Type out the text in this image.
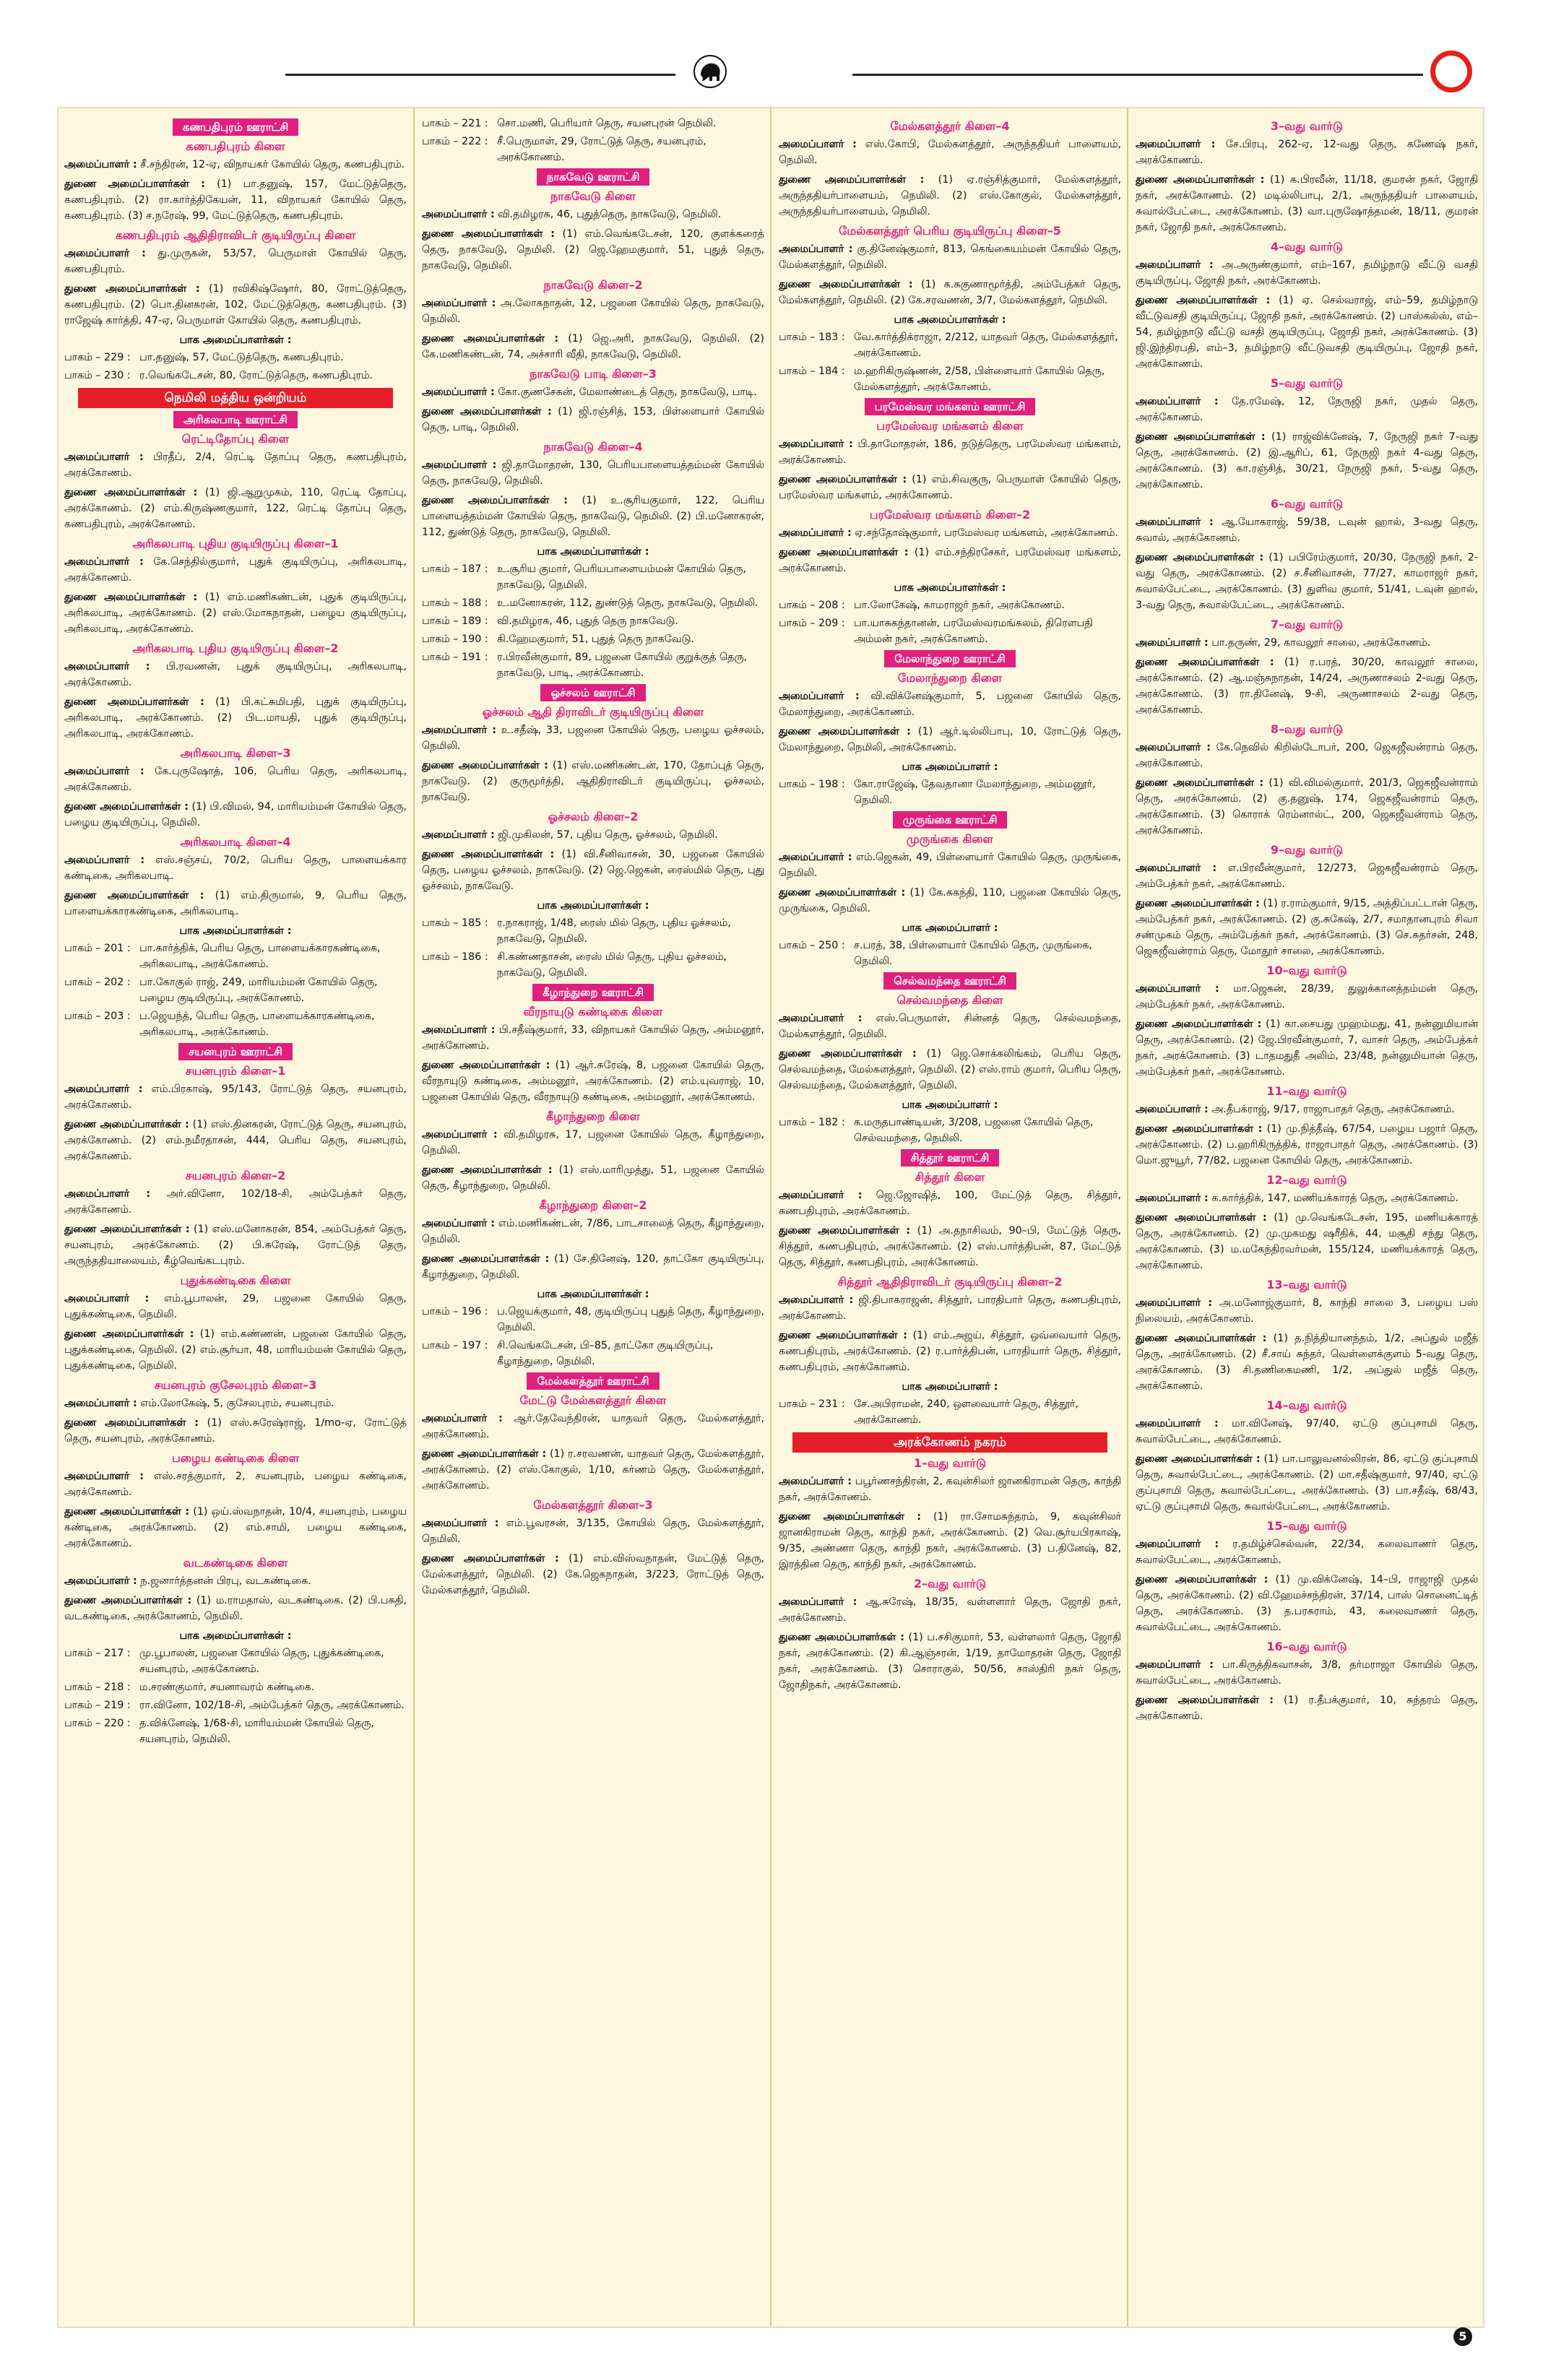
கணபதிபுரம் ஊராட்சி
கணபதிபுரம் கிளை
அமைப்பாளர் : சீ.சந்திரன், 12-ஏ, விநாயகர் கோயில் தெரு, கணபதிபுரம்.
துணை அமைப்பாளர்கள் : (1) பா.தனுஷ், 157, மேட்டுத்தெரு, கணபதிபுரம். (2) ரா.கார்த்திகேயன், 11, விநாயகர் கோயில் தெரு, கணபதிபுரம். (3) ச.நரேஷ், 99, மேட்டுத்தெரு, கணபதிபுரம்.
கணபதிபுரம் ஆதிதிராவிடர் குடியிருப்பு கிளை
அமைப்பாளர் : து.முருகன், 53/57, பெருமாள் கோயில் தெரு, கணபதிபுரம்.
துணை அமைப்பாளர்கள் : (1) ரவிகிஷ்ஷோர், 80, ரோட்டுத்தெரு, கணபதிபுரம். (2) பொ.தினகரன், 102, மேட்டுத்தெரு, கணபதிபுரம். (3) ராஜேஷ் கார்த்தி, 47-ஏ, பெருமாள் கோயில் தெரு, கணபதிபுரம்.
பாக அமைப்பாளர்கள் :
பாகம் – 229 : பா.தனுஷ், 57, மேட்டுத்தெரு, கணபதிபுரம்.
பாகம் – 230 : ர.வெங்கடேசன், 80, ரோட்டுத்தெரு, கணபதிபுரம்.
நெமிலி மத்திய ஒன்றியம்
அரிகலபாடி ஊராட்சி
ரெட்டிதோப்பு கிளை
அமைப்பாளர் : பிரதீப், 2/4, ரெட்டி தோப்பு தெரு, கணபதிபுரம், அரக்கோணம்.
துணை அமைப்பாளர்கள் : (1) ஜி.ஆறுமுகம், 110, ரெட்டி தோப்பு, அரக்கோணம். (2) எம்.கிருஷ்ணகுமார், 122, ரெட்டி தோப்பு தெரு, கணபதிபுரம், அரக்கோணம்.
அரிகலபாடி புதிய குடியிருப்பு கிளை–1
அமைப்பாளர் : கே.செந்தில்குமார், புதுக் குடியிருப்பு, அரிகலபாடி, அரக்கோணம்.
துணை அமைப்பாளர்கள் : (1) எம்.மணிகண்டன், புதுக் குடியிருப்பு, அரிகலபாடி, அரக்கோணம். (2) எஸ்.மோகநாதன், பழைய குடியிருப்பு, அரிகலபாடி, அரக்கோணம்.
அரிகலபாடி புதிய குடியிருப்பு கிளை–2
அமைப்பாளர் : பி.ரவணன், புதுக் குடியிருப்பு, அரிகலபாடி, அரக்கோணம்.
துணை அமைப்பாளர்கள் : (1) பி.கட்சுமிபதி, புதுக் குடியிருப்பு, அரிகலபாடி, அரக்கோணம். (2) பிட.மாயதி, புதுக் குடியிருப்பு, அரிகலபாடி, அரக்கோணம்.
அரிகலபாடி கிளை–3
அமைப்பாளர் : கே.புருஷோத், 106, பெரிய தெரு, அரிகலபாடி, அரக்கோணம்.
துணை அமைப்பாளர்கள் : (1) பி.விமல், 94, மாரியம்மன் கோயில் தெரு, பழைய குடியிருப்பு, நெமிலி.
அரிகலபாடி கிளை–4
அமைப்பாளர் : எஸ்.சஞ்சய், 70/2, பெரிய தெரு, பாளையக்கார கண்டிகை, அரிகலபாடி.
துணை அமைப்பாளர்கள் : (1) எம்.திருமால், 9, பெரிய தெரு, பாளையக்காரகண்டிகை, அரிகலபாடி.
பாக அமைப்பாளர்கள் :
பாகம் – 201 : பா.கார்த்திக், பெரிய தெரு, பாளையக்காரகண்டிகை, அரிகலபாடி, அரக்கோணம்.
பாகம் – 202 : பா.கோகுல் ராஜ், 249, மாரியம்மன் கோயில் தெரு, பழைய குடியிருப்பு, அரக்கோணம்.
பாகம் – 203 : ப.ஜெயந்த், பெரிய தெரு, பாளையக்காரகண்டிகை, அரிகலபாடி, அரக்கோணம்.
சயனபுரம் ஊராட்சி
சயனபுரம் கிளை–1
அமைப்பாளர் : எம்.பிரகாஷ், 95/143, ரோட்டுத் தெரு, சயனபுரம், அரக்கோணம்.
துணை அமைப்பாளர்கள் : (1) எஸ்.தினகரன், ரோட்டுத் தெரு, சயனபுரம், அரக்கோணம். (2) எம்.நமீரதாசன், 444, பெரிய தெரு, சயனபுரம், அரக்கோணம்.
சயனபுரம் கிளை–2
அமைப்பாளர் : அர்.வினோ, 102/18-சி, அம்பேத்கர் தெரு, அரக்கோணம்.
துணை அமைப்பாளர்கள் : (1) எஸ்.மனோகரன், 854, அம்பேத்கர் தெரு, சயனபுரம், அரக்கோணம். (2) பி.சுரேஷ், ரோட்டுத் தெரு, அருந்ததியாலையம், கீழ்வெங்கடபுரம்.
புதுக்கண்டிகை கிளை
அமைப்பாளர் : எம்.பூபாலன், 29, பஜனை கோயில் தெரு, புதுக்கண்டிகை, நெமிலி.
துணை அமைப்பாளர்கள் : (1) எம்.கண்ணன், பஜனை கோயில் தெரு, புதுக்கண்டிகை, நெமிலி. (2) எம்.சூர்யா, 48, மாரியம்மன் கோயில் தெரு, புதுக்கண்டிகை, நெமிலி.
சயனபுரம் குசேலபுரம் கிளை–3
அமைப்பாளர் : எம்.லோகேஷ், 5, குசேலபுரம், சயனபுரம்.
துணை அமைப்பாளர்கள் : (1) எஸ்.சுரேஷ்ராஜ், 1/mo-ஏ, ரோட்டுத் தெரு, சயனபுரம், அரக்கோணம்.
பழைய கண்டிகை கிளை
அமைப்பாளர் : எஸ்.சரத்குமார், 2, சயனபுரம், பழைய கண்டிகை, அரக்கோணம்.
துணை அமைப்பாளர்கள் : (1) ஒய்.ஸ்வநாதன், 10/4, சயனபுரம், பழைய கண்டிகை, அரக்கோணம். (2) எம்.சாமி, பழைய கண்டிகை, அரக்கோணம்.
வடகண்டிகை கிளை
அமைப்பாளர் : ந.ஜனார்த்தனன் பிரபு, வடகண்டிகை.
துணை அமைப்பாளர்கள் : (1) ம.ராமதாஸ், வடகண்டிகை. (2) பி.பசுதி, வடகண்டிகை, அரக்கோணம், நெமிலி.
பாக அமைப்பாளர்கள் :
பாகம் – 217 : மு.பூபாலன், பஜனை கோயில் தெரு, புதுக்கண்டிகை, சயனபுரம், அரக்கோணம்.
பாகம் – 218 : ம.சரண்குமார், சயனாவரம் கண்டிகை.
பாகம் – 219 : ரா.வினோ, 102/18-சி, அம்பேத்கர் தெரு, அரக்கோணம்.
பாகம் – 220 : த.விக்னேஷ், 1/68-சி, மாரியம்மன் கோயில் தெரு, சயனபுரம், நெமிலி.
பாகம் – 221 : சொ.மணி, பெரியார் தெரு, சயனபுரன் நெமிலி.
பாகம் – 222 : சீ.பெருமாள், 29, ரோட்டுத் தெரு, சயனபுரம், அரக்கோணம்.
நாகவேடு ஊராட்சி
நாகவேடு கிளை
அமைப்பாளர் : வி.தமிழரசு, 46, புதுத்தெரு, நாகவேடு, நெமிலி.
துணை அமைப்பாளர்கள் : (1) எம்.வெங்கடேசன், 120, குளக்கரைத் தெரு, நாகவேடு, நெமிலி. (2) ஜெ.ஹேமகுமார், 51, புதுத் தெரு, நாகவேடு, நெமிலி.
நாகவேடு கிளை–2
அமைப்பாளர் : அ.லோகநாதன், 12, பஜனை கோயில் தெரு, நாகவேடு, நெமிலி.
துணை அமைப்பாளர்கள் : (1) ஜெ.அரி, நாகவேடு, நெமிலி. (2) கே.மணிகண்டன், 74, அச்சாரி வீதி, நாகவேடு, நெமிலி.
நாகவேடு பாடி கிளை–3
அமைப்பாளர் : கோ.குணசேகன், மேலாண்டைத் தெரு, நாகவேடு, பாடி.
துணை அமைப்பாளர்கள் : (1) ஜி.ரஞ்சித், 153, பிள்ளையார் கோயில் தெரு, பாடி, நெமிலி.
நாகவேடு கிளை–4
அமைப்பாளர் : ஜி.தாமோதரன், 130, பெரியபாளையத்தம்மன் கோயில் தெரு, நாகவேடு, நெமிலி.
துணை அமைப்பாளர்கள் : (1) உ.சூரியகுமார், 122, பெரிய பாளையத்தம்மன் கோயில் தெரு, நாகவேடு, நெமிலி. (2) பி.மனோகரன், 112, துண்டுத் தெரு, நாகவேடு, நெமிலி.
பாக அமைப்பாளர்கள் :
பாகம் – 187 : உ.சூரிய குமார், பெரியபாளையம்மன் கோயில் தெரு, நாகவேடு, நெமிலி.
பாகம் – 188 : உ.மனோகரன், 112, துண்டுத் தெரு, நாகவேடு, நெமிலி.
பாகம் – 189 : வி.தமிழரசு, 46, புதுத் தெரு நாகவேடு.
பாகம் – 190 : கி.ஹேமகுமார், 51, புதுத் தெரு நாகவேடு.
பாகம் – 191 : ர.பிரவீன்குமார், 89, பஜனை கோயில் குறுக்குத் தெரு, நாகவேடு, பாடி, அரக்கோணம்.
ஓச்சலம் ஊராட்சி
ஓச்சலம் ஆதி திராவிடர் குடியிருப்பு கிளை
அமைப்பாளர் : உ.சதீஷ், 33, பஜனை கோயில் தெரு, பழைய ஓச்சலம், நெமிலி.
துணை அமைப்பாளர்கள் : (1) எஸ்.மணிகண்டன், 170, தோப்புத் தெரு, நாகவேடு. (2) குருமூர்த்தி, ஆதிதிராவிடர் குடியிருப்பு, ஓச்சலம், நாகவேடு.
ஓச்சலம் கிளை–2
அமைப்பாளர் : ஜி.முகிலன், 57, புதிய தெரு, ஓச்சலம், நெமிலி.
துணை அமைப்பாளர்கள் : (1) வி.சீனிவாசன், 30, பஜனை கோயில் தெரு, பழைய ஓச்சலம், நாகவேடு. (2) ஜெ.ஜெகன், ரைஸ்மில் தெரு, புது ஓச்சலம், நாகவேடு.
பாக அமைப்பாளர்கள் :
பாகம் – 185 : ர.நாகராஜ், 1/48, ரைஸ் மில் தெரு, புதிய ஓச்சலம், நாகவேடு, நெமிலி.
பாகம் – 186 : சி.கண்ணதாசன், ரைஸ் மில் தெரு, புதிய ஓச்சலம், நாகவேடு, நெமிலி.
கீழாந்துறை ஊராட்சி
வீரநாயுடு கண்டிகை கிளை
அமைப்பாளர் : பி.சதீஷ்குமார், 33, விநாயகர் கோயில் தெரு, அம்மனூர், அரக்கோணம்.
துணை அமைப்பாளர்கள் : (1) ஆர்.சுரேஷ், 8, பஜனை கோயில் தெரு, வீரநாயுடு கண்டிகை, அம்மனூர், அரக்கோணம். (2) எம்.யுவராஜ், 10, பஜனை கோயில் தெரு, வீரநாயுடு கண்டிகை, அம்மனூர், அரக்கோணம்.
கீழாந்துறை கிளை
அமைப்பாளர் : வி.தமிழரசு, 17, பஜனை கோயில் தெரு, கீழாந்துறை, நெமிலி.
துணை அமைப்பாளர்கள் : (1) எஸ்.மாரிமுத்து, 51, பஜனை கோயில் தெரு, கீழாந்துறை, நெமிலி.
கீழாந்துறை கிளை–2
அமைப்பாளர் : எம்.மணிகண்டன், 7/86, பாடசாலைத் தெரு, கீழாந்துறை, நெமிலி.
துணை அமைப்பாளர்கள் : (1) சே.தினேஷ், 120, தாட்கோ குடியிருப்பு, கீழாந்துறை, நெமிலி.
பாக அமைப்பாளர்கள் :
பாகம் – 196 : ப.ஜெயக்குமார், 48, குடியிருப்பு புதுத் தெரு, கீழாந்துறை, நெமிலி.
பாகம் – 197 : சி.வெங்கடேசன், பி–85, தாட்கோ குடியிருப்பு, கீழாந்துறை, நெமிலி.
மேல்களத்தூர் ஊராட்சி
மேட்டு மேல்களத்தூர் கிளை
அமைப்பாளர் : ஆர்.தேவேந்திரன், யாதவர் தெரு, மேல்களத்தூர், அரக்கோணம்.
துணை அமைப்பாளர்கள் : (1) ர.சரவணன், யாதவர் தெரு, மேல்களத்தூர், அரக்கோணம். (2) எஸ்.கோகுல், 1/10, கர்ணம் தெரு, மேல்களத்தூர், அரக்கோணம்.
மேல்களத்தூர் கிளை–3
அமைப்பாளர் : எம்.பூவரசன், 3/135, கோயில் தெரு, மேல்களத்தூர், நெமிலி.
துணை அமைப்பாளர்கள் : (1) எம்.விஸ்வநாதன், மேட்டுத் தெரு, மேல்களத்தூர், நெமிலி. (2) கே.ஜெகநாதன், 3/223, ரோட்டுத் தெரு, மேல்களத்தூர், நெமிலி.
மேல்களத்தூர் கிளை–4
அமைப்பாளர் : எஸ்.கோபி, மேல்களத்தூர், அருந்ததியர் பாளையம், நெமிலி.
துணை அமைப்பாளர்கள் : (1) ஏ.ரஞ்சித்குமார், மேல்களத்தூர், அருந்ததியர்பாளையம், நெமிலி. (2) எஸ்.கோகுல், மேல்களத்தூர், அருந்ததியர்பாளையம், நெமிலி.
மேல்களத்தூர் பெரிய குடியிருப்பு கிளை–5
அமைப்பாளர் : கு.தினேஷ்குமார், 813, கெங்கையம்மன் கோயில் தெரு, மேல்களத்தூர், நெமிலி.
துணை அமைப்பாளர்கள் : (1) க.சுகுணாமூர்த்தி, அம்பேத்கர் தெரு, மேல்களத்தூர், நெமிலி. (2) கே.சரவணன், 3/7, மேல்களத்தூர், நெமிலி.
பாக அமைப்பாளர்கள் :
பாகம் – 183 : வே.கார்த்திக்ராஜா, 2/212, யாதவர் தெரு, மேல்களத்தூர், அரக்கோணம்.
பாகம் – 184 : ம.ஹரிகிருஷ்ணன், 2/58, பிள்ளையார் கோயில் தெரு, மேல்களத்தூர், அரக்கோணம்.
பரமேஸ்வர மங்களம் ஊராட்சி
பரமேஸ்வர மங்களம் கிளை
அமைப்பாளர் : பி.தாமோதரன், 186, நடுத்தெரு, பரமேஸ்வர மங்களம், அரக்கோணம்.
துணை அமைப்பாளர்கள் : (1) எம்.சிவகுரு, பெருமாள் கோயில் தெரு, பரமேஸ்வர மங்களம், அரக்கோணம்.
பரமேஸ்வர மங்களம் கிளை–2
அமைப்பாளர் : ஏ.சந்தோஷ்குமார், பரமேஸ்வர மங்களம், அரக்கோணம்.
துணை அமைப்பாளர்கள் : (1) எம்.சந்திரசேகர், பரமேஸ்வர மங்களம், அரக்கோணம்.
பாக அமைப்பாளர்கள் :
பாகம் – 208 : பா.லோகேஷ், காமராஜர் நகர், அரக்கோணம்.
பாகம் – 209 : பா.யாசுகந்தானன், பரமேஸ்வரமங்கலம், திரௌபதி அம்மன் நகர், அரக்கோணம்.
மேலாந்துறை ஊராட்சி
மேலாந்துறை கிளை
அமைப்பாளர் : வி.விக்னேஷ்குமார், 5, பஜனை கோயில் தெரு, மேலாந்துறை, அரக்கோணம்.
துணை அமைப்பாளர்கள் : (1) ஆர்.டில்லிபாபு, 10, ரோட்டுத் தெரு, மேலாந்துறை, நெமிலி, அரக்கோணம்.
பாக அமைப்பாளர் :
பாகம் – 198 : கோ.ராஜேஷ், தேவதானா மேலாந்துறை, அம்மனூர், நெமிலி.
முருங்கை ஊராட்சி
முருங்கை கிளை
அமைப்பாளர் : எம்.ஜெகன், 49, பிள்ளையார் கோயில் தெரு, முருங்கை, நெமிலி.
துணை அமைப்பாளர்கள் : (1) கே.சுகந்தி, 110, பஜனை கோயில் தெரு, முருங்கை, நெமிலி.
பாக அமைப்பாளர் :
பாகம் – 250 : ச.பரத், 38, பிள்ளையார் கோயில் தெரு, முருங்கை, நெமிலி.
செல்வமந்தை ஊராட்சி
செல்வமந்தை கிளை
அமைப்பாளர் : எஸ்.பெருமாள், சின்னத் தெரு, செல்வமந்தை, மேல்களத்தூர், நெமிலி.
துணை அமைப்பாளர்கள் : (1) ஜெ.சொக்கலிங்கம், பெரிய தெரு, செல்வமந்தை, மேல்களத்தூர், நெமிலி. (2) எஸ்.ராம் குமார், பெரிய தெரு, செல்வமந்தை, மேல்களத்தூர், நெமிலி.
பாக அமைப்பாளர் :
பாகம் – 182 : க.மருதபாண்டியன், 3/208, பஜனை கோயில் தெரு, செல்வமந்தை, நெமிலி.
சித்தூர் ஊராட்சி
சித்தூர் கிளை
அமைப்பாளர் : ஜெ.ஜோஷித், 100, மேட்டுத் தெரு, சித்தூர், கணபதிபுரம், அரக்கோணம்.
துணை அமைப்பாளர்கள் : (1) அ.தநாசிவம், 90–பி, மேட்டுத் தெரு, சித்தூர், கணபதிபுரம், அரக்கோணம். (2) எஸ்.பார்த்திபன், 87, மேட்டுத் தெரு, சித்தூர், கணபதிபுரம், அரக்கோணம்.
சித்தூர் ஆதிதிராவிடர் குடியிருப்பு கிளை–2
அமைப்பாளர் : ஜி.திபாகராஜன், சித்தூர், பாரதிபார் தெரு, கணபதிபுரம், அரக்கோணம்.
துணை அமைப்பாளர்கள் : (1) எம்.அஜய், சித்தூர், ஒவ்வையார் தெரு, கணபதிபுரம், அரக்கோணம். (2) ர.பார்த்திபன், பாரதியார் தெரு, சித்தூர், கணபதிபுரம், அரக்கோணம்.
பாக அமைப்பாளர் :
பாகம் – 231 : சே.அபிராமன், 240, ஔவையார் தெரு, சித்தூர், அரக்கோணம்.
அரக்கோணம் நகரம்
1–வது வார்டு
அமைப்பாளர் : பபூர்ணசந்திரன், 2, கவுன்சிலர் ஜானகிராமன் தெரு, காந்தி நகர், அரக்கோணம்.
துணை அமைப்பாளர்கள் : (1) ரா.சோமசுந்தரம், 9, கவுன்சிலர் ஜானகிராமன் தெரு, காந்தி நகர், அரக்கோணம். (2) வெ.சூர்யபிரகாஷ், 9/35, அண்ணா தெரு, காந்தி நகர், அரக்கோணம். (3) ப.தினேஷ், 82, இரத்தின தெரு, காந்தி நகர், அரக்கோணம்.
2–வது வார்டு
அமைப்பாளர் : ஆ.சுரேஷ், 18/35, வள்ளளார் தெரு, ஜோதி நகர், அரக்கோணம்.
துணை அமைப்பாளர்கள் : (1) ப.சசிகுமார், 53, வள்ளலார் தெரு, ஜோதி நகர், அரக்கோணம். (2) கி.ஆஞ்சரன், 1/19, தாமோதரன் தெரு, ஜோதி நகர், அரக்கோணம். (3) சொராகுல், 50/56, சாஸ்திரி நகர் தெரு, ஜோதிநகர், அரக்கோணம்.
3–வது வார்டு
அமைப்பாளர் : சே.பிரபு, 262-ஏ, 12-வது தெரு, கணேஷ் நகர், அரக்கோணம்.
துணை அமைப்பாளர்கள் : (1) க.பிரவீன், 11/18, குமரன் நகர், ஜோதி நகர், அரக்கோணம். (2) மடில்லிபாபு, 2/1, அருந்ததியர் பாளையம், சுவால்பேட்டை, அரக்கோணம். (3) வா.புருஷோத்தமன், 18/11, குமரன் நகர், ஜோதி நகர், அரக்கோணம்.
4–வது வார்டு
அமைப்பாளர் : அ.அருண்குமார், எம்–167, தமிழ்நாடு வீட்டு வசதி குடியிருப்பு, ஜோதி நகர், அரக்கோணம்.
துணை அமைப்பாளர்கள் : (1) ஏ. செல்வராஜ், எம்–59, தமிழ்நாடு வீட்டுவசதி குடியிருப்பு, ஜோதி நகர், அரக்கோணம். (2) பாஸ்கல்ஸ், எம்–54, தமிழ்நாடு வீட்டு வசதி குடியிருப்பு, ஜோதி நகர், அரக்கோணம். (3) ஜி.இந்திரபதி, எம்–3, தமிழ்நாடு வீட்டுவசதி குடியிருப்பு, ஜோதி நகர், அரக்கோணம்.
5–வது வார்டு
அமைப்பாளர் : தே.ரமேஷ், 12, நேருஜி நகர், முதல் தெரு, அரக்கோணம்.
துணை அமைப்பாளர்கள் : (1) ராஜ்விக்னேஷ், 7, நேருஜி நகர் 7-வது தெரு, அரக்கோணம். (2) இ.ஆரிப், 61, நேருஜி நகர் 4-வது தெரு, அரக்கோணம். (3) கா.ரஞ்சித், 30/21, நேருஜி நகர், 5-வது தெரு, அரக்கோணம்.
6–வது வார்டு
அமைப்பாளர் : ஆ.யோகராஜ், 59/38, டவுன் ஹால், 3-வது தெரு, சுவால், அரக்கோணம்.
துணை அமைப்பாளர்கள் : (1) பபிரேம்குமார், 20/30, நேருஜி நகர், 2-வது தெரு, அரக்கோணம். (2) ச.சீனிவாசன், 77/27, காமராஜர் நகர், சுவால்பேட்டை, அரக்கோணம். (3) துளிவ குமார், 51/41, டவுன் ஹால், 3-வது தெரு, சுவால்பேட்டை, அரக்கோணம்.
7–வது வார்டு
அமைப்பாளர் : பா.தருண், 29, காவலூர் சாலை, அரக்கோணம்.
துணை அமைப்பாளர்கள் : (1) ர.பரத், 30/20, காவலூர் சாலை, அரக்கோணம். (2) ஆ.மஞ்சுநாதன், 14/24, அருணாசலம் 2-வது தெரு, அரக்கோணம். (3) ரா.தினேஷ், 9-சி, அருணாசலம் 2-வது தெரு, அரக்கோணம்.
8–வது வார்டு
அமைப்பாளர் : கே.நெவில் கிறிஸ்டோபர், 200, ஜெகஜீவன்ராம் தெரு, அரக்கோணம்.
துணை அமைப்பாளர்கள் : (1) வி.விமல்குமார், 201/3, ஜெகஜீவன்ராம் தெரு, அரக்கோணம். (2) கு.தனுஷ், 174, ஜெகஜீவன்ராம் தெரு, அரக்கோணம். (3) கொராக் ரெம்னால்ட், 200, ஜெகஜீவன்ராம் தெரு, அரக்கோணம்.
9–வது வார்டு
அமைப்பாளர் : எ.பிரவீன்குமார், 12/273, ஜெகஜீவன்ராம் தெரு, அம்பேத்கர் நகர், அரக்கோணம்.
துணை அமைப்பாளர்கள் : (1) ர.ராம்குமார், 9/15, அத்திப்பட்டான் தெரு, அம்பேத்கர் நகர், அரக்கோணம். (2) கு.சுகேஷ், 2/7, சமாதானபுரம் சிவா சண்முகம் தெரு, அம்பேத்கர் நகர், அரக்கோணம். (3) செ.சுதர்சன், 248, ஜெகஜீவன்ராம் தெரு, மோதூர் சாலை, அரக்கோணம்.
10–வது வார்டு
அமைப்பாளர் : மா.ஜெகன், 28/39, துலுக்கானத்தம்மன் தெரு, அம்பேத்கர் நகர், அரக்கோணம்.
துணை அமைப்பாளர்கள் : (1) கா.சையது முஹம்மது, 41, நன்னுமியான் தெரு, அரக்கோணம். (2) ஜே.பிரவீன்குமார், 7, வாசர் தெரு, அம்பேத்கர் நகர், அரக்கோணம். (3) டாதமதுதீ அலிம், 23/48, நன்னுமியான் தெரு, அம்பேத்கர் நகர், அரக்கோணம்.
11–வது வார்டு
அமைப்பாளர் : அ.தீபக்ராஜ், 9/17, ராஜாபாதர் தெரு, அரக்கோணம்.
துணை அமைப்பாளர்கள் : (1) மு.நித்தீஷ், 67/54, பழைய பஜார் தெரு, அரக்கோணம். (2) ப.ஹரிகிருத்திக், ராஜாபாதர் தெரு, அரக்கோணம். (3) மொ.ஜுயூர், 77/82, பஜனை கோயில் தெரு, அரக்கோணம்.
12–வது வார்டு
அமைப்பாளர் : க.கார்த்திக், 147, மணியக்காரத் தெரு, அரக்கோணம்.
துணை அமைப்பாளர்கள் : (1) மு.வெங்கடேசன், 195, மணியக்காரத் தெரு, அரக்கோணம். (2) மு.முகமது ஷரீதிக், 44, மசூதி சந்து தெரு, அரக்கோணம். (3) ம.மகேந்திரவர்மன், 155/124, மணியக்காரத் தெரு, அரக்கோணம்.
13–வது வார்டு
அமைப்பாளர் : அ.மனோஜ்குமார், 8, காந்தி சாலை 3, பழைய பஸ் நிலையம், அரக்கோணம்.
துணை அமைப்பாளர்கள் : (1) த.நித்தியானந்தம், 1/2, அப்துல் மஜீத் தெரு, அரக்கோணம். (2) சீ.சாய் சுந்தர், வெள்ளைக்குளம் 5-வது தெரு, அரக்கோணம். (3) சி.தணிகைமணி, 1/2, அப்துல் மஜீத் தெரு, அரக்கோணம்.
14–வது வார்டு
அமைப்பாளர் : மா.வினேஷ், 97/40, ஏட்டு குப்புசாமி தெரு, சுவால்பேட்டை, அரக்கோணம்.
துணை அமைப்பாளர்கள் : (1) பா.பாலுவனல்லிரன், 86, ஏட்டு குப்புசாமி தெரு, சுவால்பேட்டை, அரக்கோணம். (2) மா.சதீஷ்குமார், 97/40, ஏட்டு குப்புசாமி தெரு, சுவால்பேட்டை, அரக்கோணம். (3) பா.சதீஷ், 68/43, ஏட்டு குப்புசாமி தெரு, சுவால்பேட்டை, அரக்கோணம்.
15–வது வார்டு
அமைப்பாளர் : ர.தமிழ்ச்செல்வன், 22/34, கலைவாணர் தெரு, சுவால்பேட்டை, அரக்கோணம்.
துணை அமைப்பாளர்கள் : (1) மு.விக்னேஷ், 14–பி, ராஜாஜி முதல் தெரு, அரக்கோணம். (2) வி.ஹேமச்சந்திரன், 37/14, பாஸ் சொனைட்டித் தெரு, அரக்கோணம். (3) த.பரசுராம், 43, கலைவாணர் தெரு, சுவால்பேட்டை, அரக்கோணம்.
16–வது வார்டு
அமைப்பாளர் : பா.கிருத்திகவாசன், 3/8, தர்மராஜா கோயில் தெரு, சுவால்பேட்டை, அரக்கோணம்.
துணை அமைப்பாளர்கள் : (1) ர.தீபக்குமார், 10, சுந்தரம் தெரு, அரக்கோணம்.
5
